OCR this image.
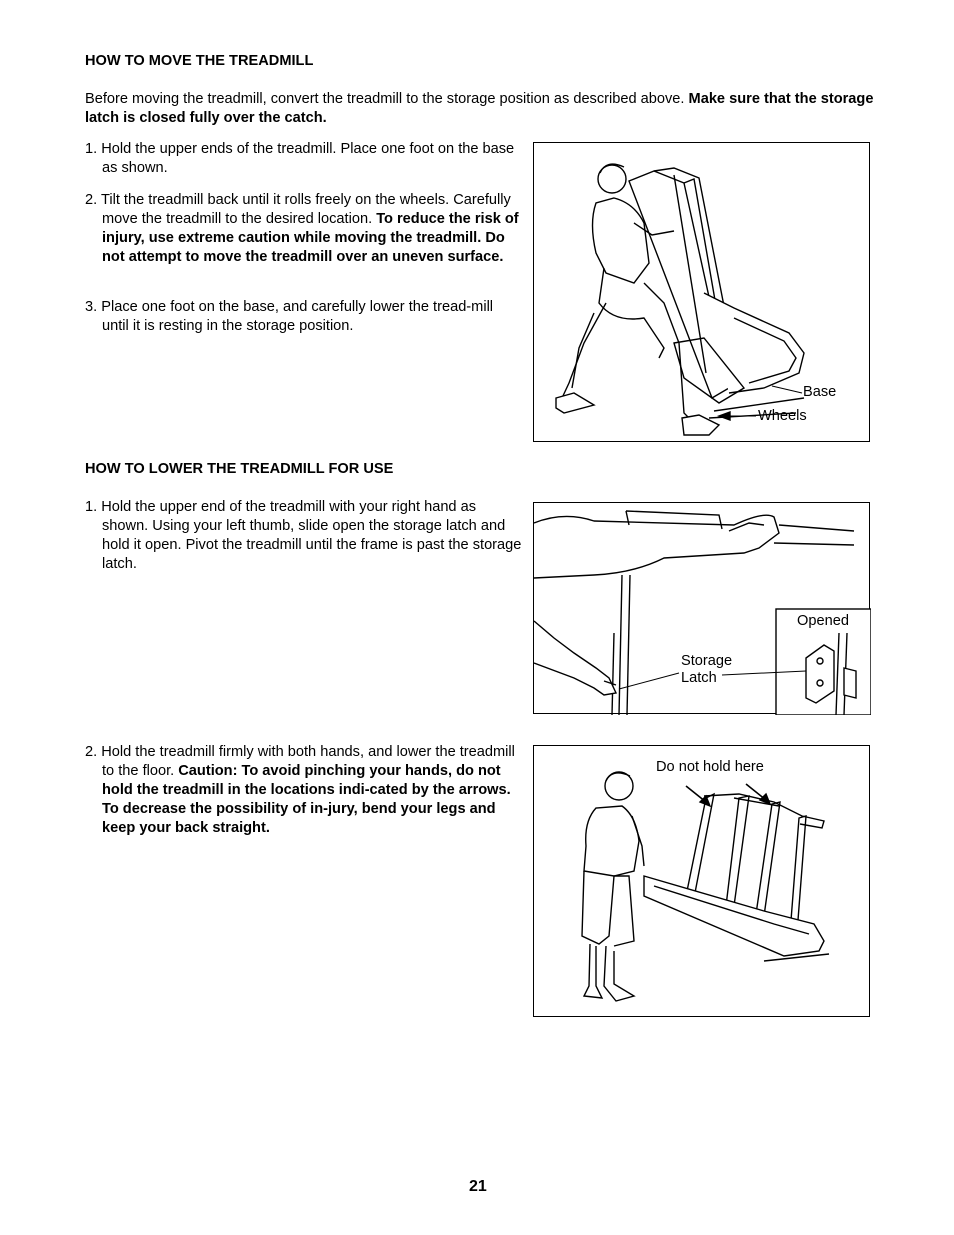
HOW TO MOVE THE TREADMILL

Before moving the treadmill, convert the treadmill to the storage position as described above. Make sure that the storage latch is closed fully over the catch.

1. Hold the upper ends of the treadmill. Place one foot on the base as shown.

2. Tilt the treadmill back until it rolls freely on the wheels. Carefully move the treadmill to the desired location. To reduce the risk of injury, use extreme caution while moving the treadmill. Do not attempt to move the treadmill over an uneven surface.

3. Place one foot on the base, and carefully lower the tread-mill until it is resting in the storage position.

Base
Wheels
HOW TO LOWER THE TREADMILL FOR USE

1. Hold the upper end of the treadmill with your right hand as shown. Using your left thumb, slide open the storage latch and hold it open. Pivot the treadmill until the frame is past the storage latch.

Opened
Storage
Latch

2. Hold the treadmill firmly with both hands, and lower the treadmill to the floor. Caution: To avoid pinching your hands, do not hold the treadmill in the locations indi-cated by the arrows. To decrease the possibility of in-jury, bend your legs and keep your back straight.

Do not hold here
21
